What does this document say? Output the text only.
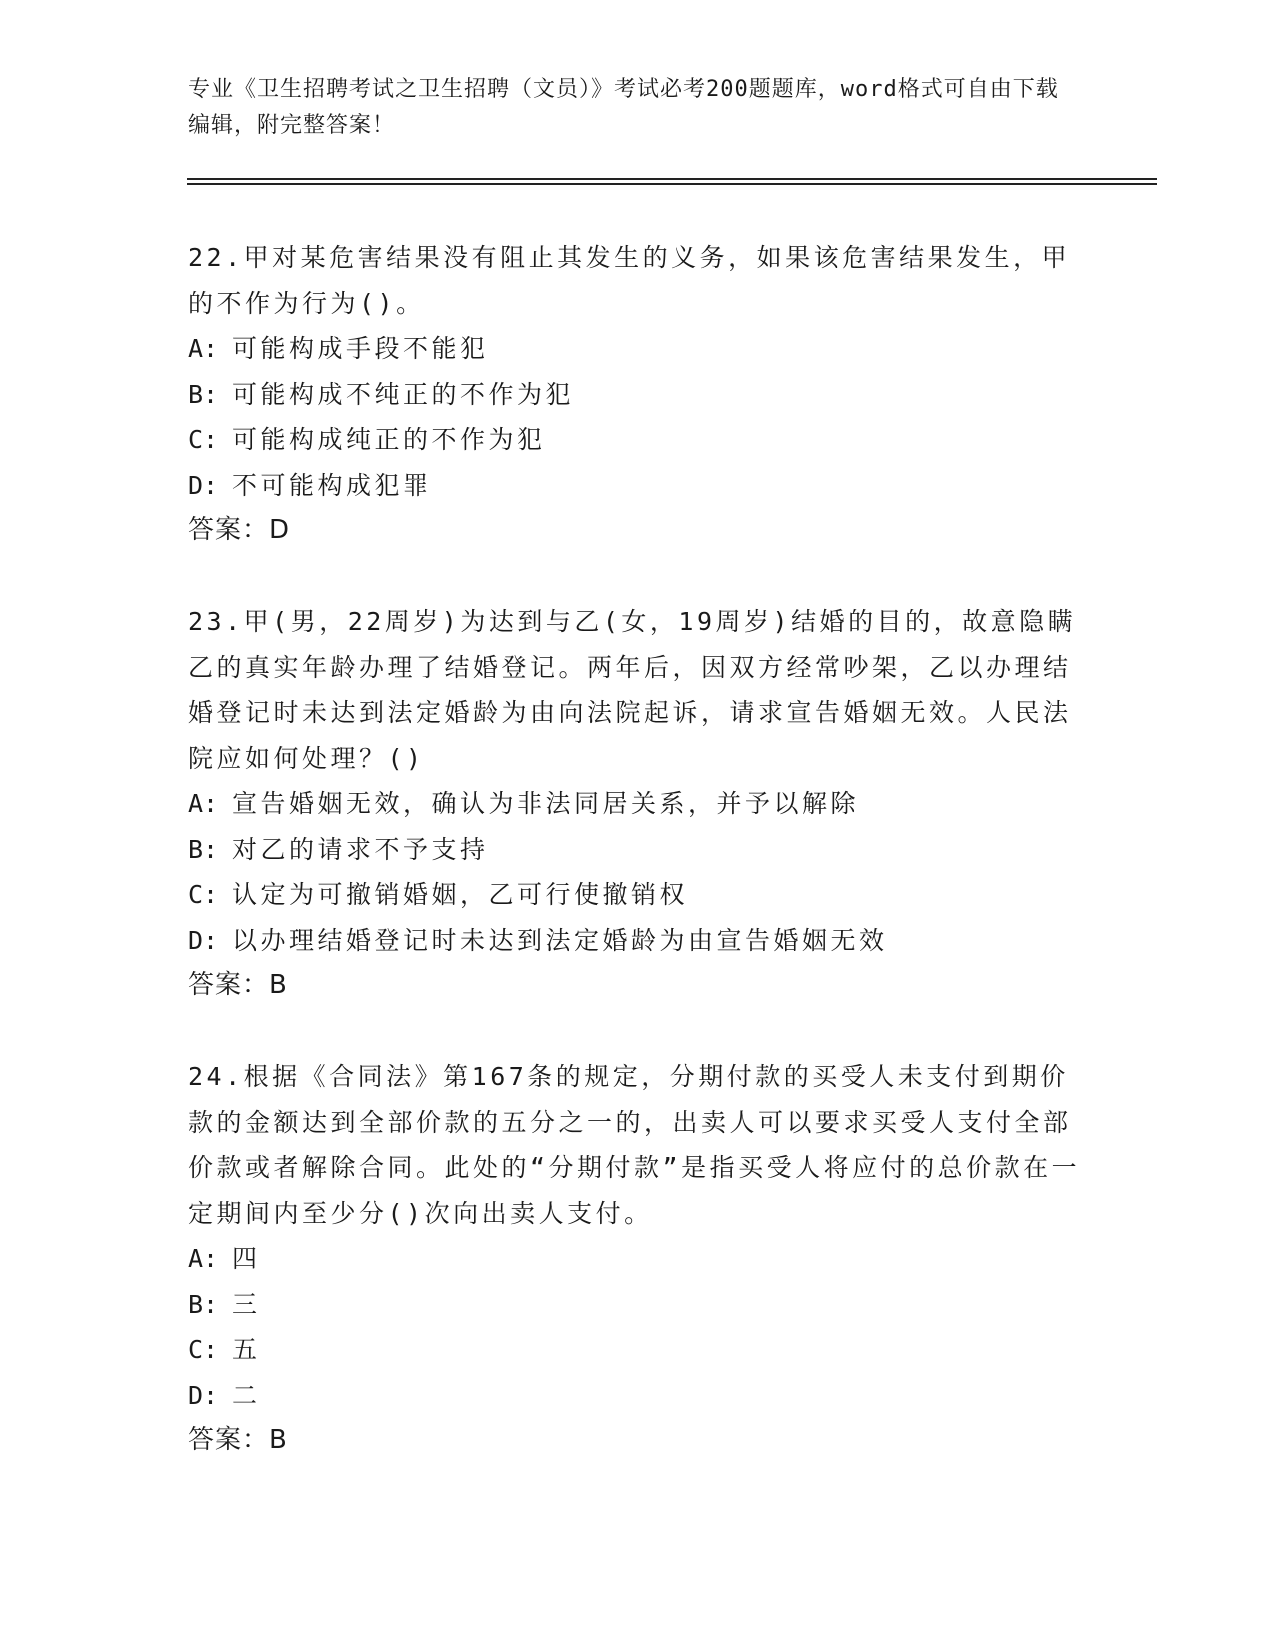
专业《卫生招聘考试之卫生招聘（文员）》考试必考200题题库，word格式可自由下载编辑，附完整答案！

22.甲对某危害结果没有阻止其发生的义务，如果该危害结果发生，甲的不作为行为()。

A: 可能构成手段不能犯
B: 可能构成不纯正的不作为犯
C: 可能构成纯正的不作为犯
D: 不可能构成犯罪
答案：D

23.甲(男，22周岁)为达到与乙(女，19周岁)结婚的目的，故意隐瞒乙的真实年龄办理了结婚登记。两年后，因双方经常吵架，乙以办理结婚登记时未达到法定婚龄为由向法院起诉，请求宣告婚姻无效。人民法院应如何处理？()

A: 宣告婚姻无效，确认为非法同居关系，并予以解除
B: 对乙的请求不予支持
C: 认定为可撤销婚姻，乙可行使撤销权
D: 以办理结婚登记时未达到法定婚龄为由宣告婚姻无效
答案：B

24.根据《合同法》第167条的规定，分期付款的买受人未支付到期价款的金额达到全部价款的五分之一的，出卖人可以要求买受人支付全部价款或者解除合同。此处的“分期付款”是指买受人将应付的总价款在一定期间内至少分()次向出卖人支付。

A: 四
B: 三
C: 五
D: 二
答案：B
